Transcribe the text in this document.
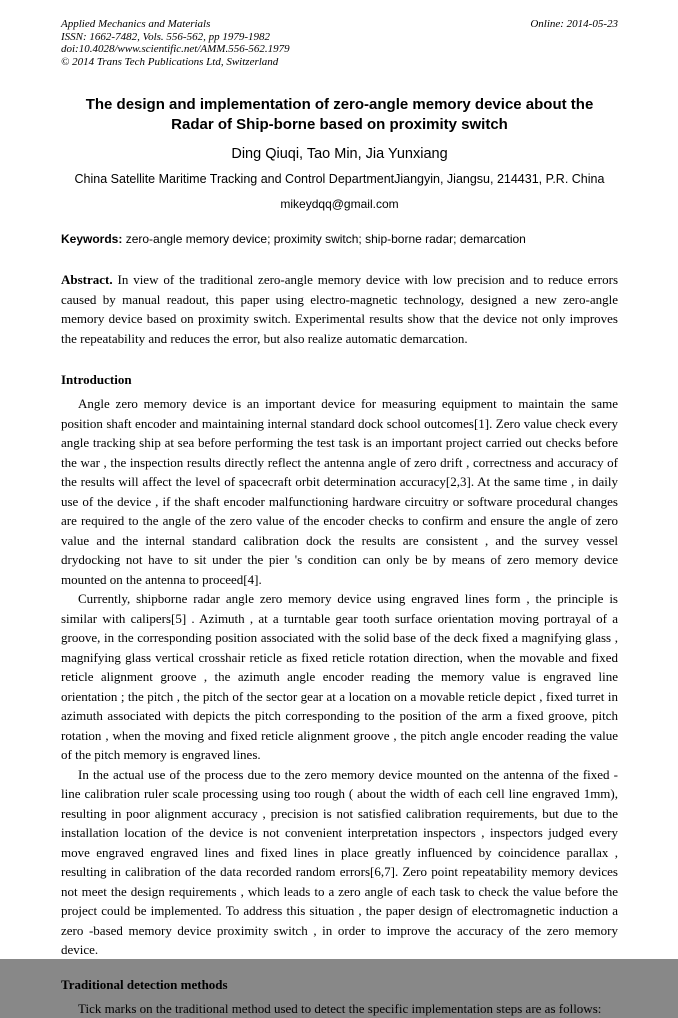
Applied Mechanics and Materials
ISSN: 1662-7482, Vols. 556-562, pp 1979-1982
doi:10.4028/www.scientific.net/AMM.556-562.1979
© 2014 Trans Tech Publications Ltd, Switzerland
Online: 2014-05-23
The design and implementation of zero-angle memory device about the Radar of Ship-borne based on proximity switch
Ding Qiuqi, Tao Min, Jia Yunxiang
China Satellite Maritime Tracking and Control DepartmentJiangyin, Jiangsu, 214431, P.R. China
mikeydqq@gmail.com

Keywords: zero-angle memory device; proximity switch; ship-borne radar; demarcation

Abstract. In view of the traditional zero-angle memory device with low precision and to reduce errors caused by manual readout, this paper using electro-magnetic technology, designed a new zero-angle memory device based on proximity switch. Experimental results show that the device not only improves the repeatability and reduces the error, but also realize automatic demarcation.

Introduction

Angle zero memory device is an important device for measuring equipment to maintain the same position shaft encoder and maintaining internal standard dock school outcomes[1]. Zero value check every angle tracking ship at sea before performing the test task is an important project carried out checks before the war , the inspection results directly reflect the antenna angle of zero drift , correctness and accuracy of the results will affect the level of spacecraft orbit determination accuracy[2,3]. At the same time , in daily use of the device , if the shaft encoder malfunctioning hardware circuitry or software procedural changes are required to the angle of the zero value of the encoder checks to confirm and ensure the angle of zero value and the internal standard calibration dock the results are consistent , and the survey vessel drydocking not have to sit under the pier 's condition can only be by means of zero memory device mounted on the antenna to proceed[4].

Currently, shipborne radar angle zero memory device using engraved lines form , the principle is similar with calipers[5] . Azimuth , at a turntable gear tooth surface orientation moving portrayal of a groove, in the corresponding position associated with the solid base of the deck fixed a magnifying glass , magnifying glass vertical crosshair reticle as fixed reticle rotation direction, when the movable and fixed reticle alignment groove , the azimuth angle encoder reading the memory value is engraved line orientation ; the pitch , the pitch of the sector gear at a location on a movable reticle depict , fixed turret in azimuth associated with depicts the pitch corresponding to the position of the arm a fixed groove, pitch rotation , when the moving and fixed reticle alignment groove , the pitch angle encoder reading the value of the pitch memory is engraved lines.

In the actual use of the process due to the zero memory device mounted on the antenna of the fixed -line calibration ruler scale processing using too rough ( about the width of each cell line engraved 1mm), resulting in poor alignment accuracy , precision is not satisfied calibration requirements, but due to the installation location of the device is not convenient interpretation inspectors , inspectors judged every move engraved engraved lines and fixed lines in place greatly influenced by coincidence parallax , resulting in calibration of the data recorded random errors[6,7]. Zero point repeatability memory devices not meet the design requirements , which leads to a zero angle of each task to check the value before the project could be implemented. To address this situation , the paper design of electromagnetic induction a zero -based memory device proximity switch , in order to improve the accuracy of the zero memory device.

Traditional detection methods

Tick marks on the traditional method used to detect the specific implementation steps are as follows:
